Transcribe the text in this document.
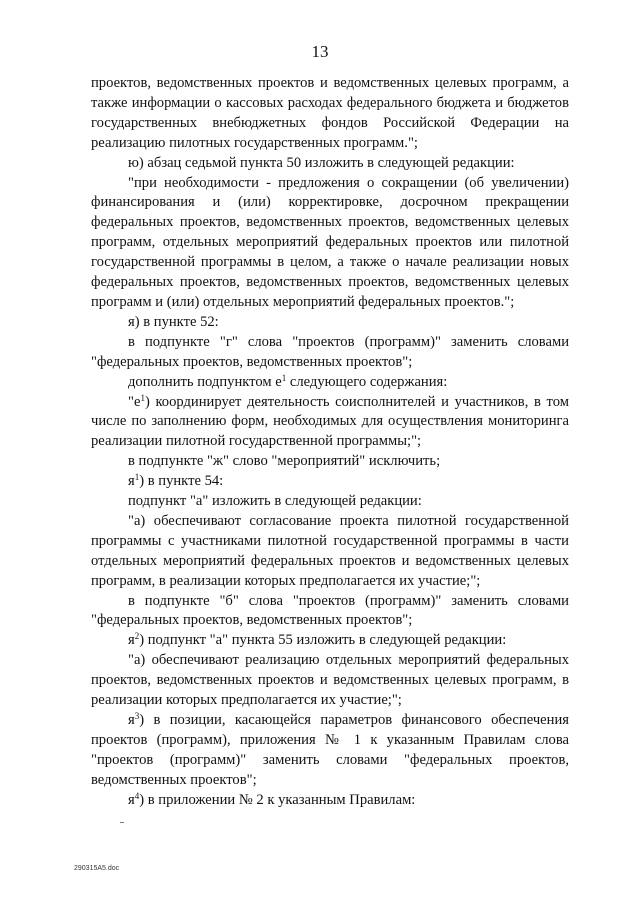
13

проектов, ведомственных проектов и ведомственных целевых программ, а также информации о кассовых расходах федерального бюджета и бюджетов государственных внебюджетных фондов Российской Федерации на реализацию пилотных государственных программ.";

ю) абзац седьмой пункта 50 изложить в следующей редакции:

"при необходимости - предложения о сокращении (об увеличении) финансирования и (или) корректировке, досрочном прекращении федеральных проектов, ведомственных проектов, ведомственных целевых программ, отдельных мероприятий федеральных проектов или пилотной государственной программы в целом, а также о начале реализации новых федеральных проектов, ведомственных проектов, ведомственных целевых программ и (или) отдельных мероприятий федеральных проектов.";

я) в пункте 52:

в подпункте "г" слова "проектов (программ)" заменить словами "федеральных проектов, ведомственных проектов";

дополнить подпунктом $е^1$ следующего содержания:

"$е^1$) координирует деятельность соисполнителей и участников, в том числе по заполнению форм, необходимых для осуществления мониторинга реализации пилотной государственной программы;";

в подпункте "ж" слово "мероприятий" исключить;

$я^1$) в пункте 54:

подпункт "а" изложить в следующей редакции:

"а) обеспечивают согласование проекта пилотной государственной программы с участниками пилотной государственной программы в части отдельных мероприятий федеральных проектов и ведомственных целевых программ, в реализации которых предполагается их участие;";

в подпункте "б" слова "проектов (программ)" заменить словами "федеральных проектов, ведомственных проектов";

$я^2$) подпункт "а" пункта 55 изложить в следующей редакции:

"а) обеспечивают реализацию отдельных мероприятий федеральных проектов, ведомственных проектов и ведомственных целевых программ, в реализации которых предполагается их участие;";

$я^3$) в позиции, касающейся параметров финансового обеспечения проектов (программ), приложения № 1 к указанным Правилам слова "проектов (программ)" заменить словами "федеральных проектов, ведомственных проектов";

$я^4$) в приложении № 2 к указанным Правилам:

290315A5.doc
